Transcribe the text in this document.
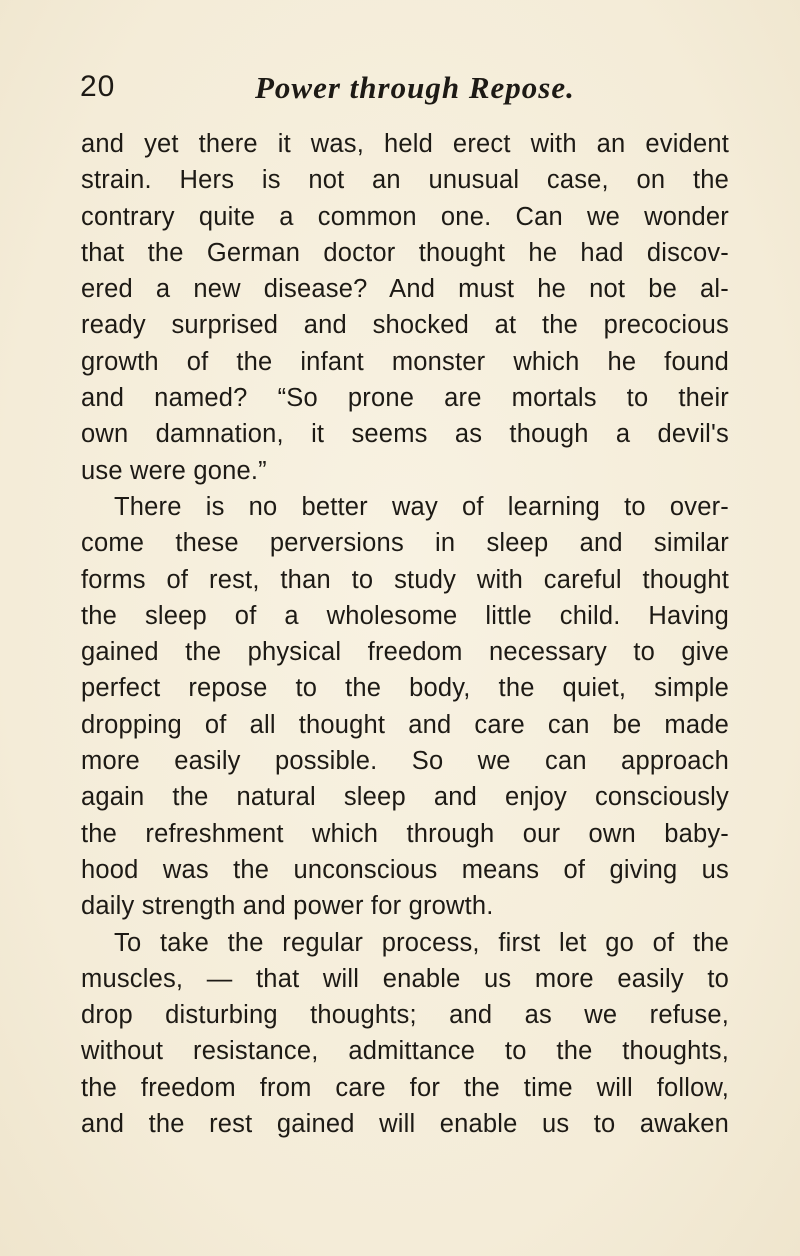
20	Power through Repose.
and yet there it was, held erect with an evident
strain. Hers is not an unusual case, on the
contrary quite a common one. Can we wonder
that the German doctor thought he had discov-
ered a new disease? And must he not be al-
ready surprised and shocked at the precocious
growth of the infant monster which he found
and named? “So prone are mortals to their
own damnation, it seems as though a devil's
use were gone.”
There is no better way of learning to over-
come these perversions in sleep and similar
forms of rest, than to study with careful thought
the sleep of a wholesome little child. Having
gained the physical freedom necessary to give
perfect repose to the body, the quiet, simple
dropping of all thought and care can be made
more easily possible. So we can approach
again the natural sleep and enjoy consciously
the refreshment which through our own baby-
hood was the unconscious means of giving us
daily strength and power for growth.
To take the regular process, first let go of the
muscles, — that will enable us more easily to
drop disturbing thoughts; and as we refuse,
without resistance, admittance to the thoughts,
the freedom from care for the time will follow,
and the rest gained will enable us to awaken
